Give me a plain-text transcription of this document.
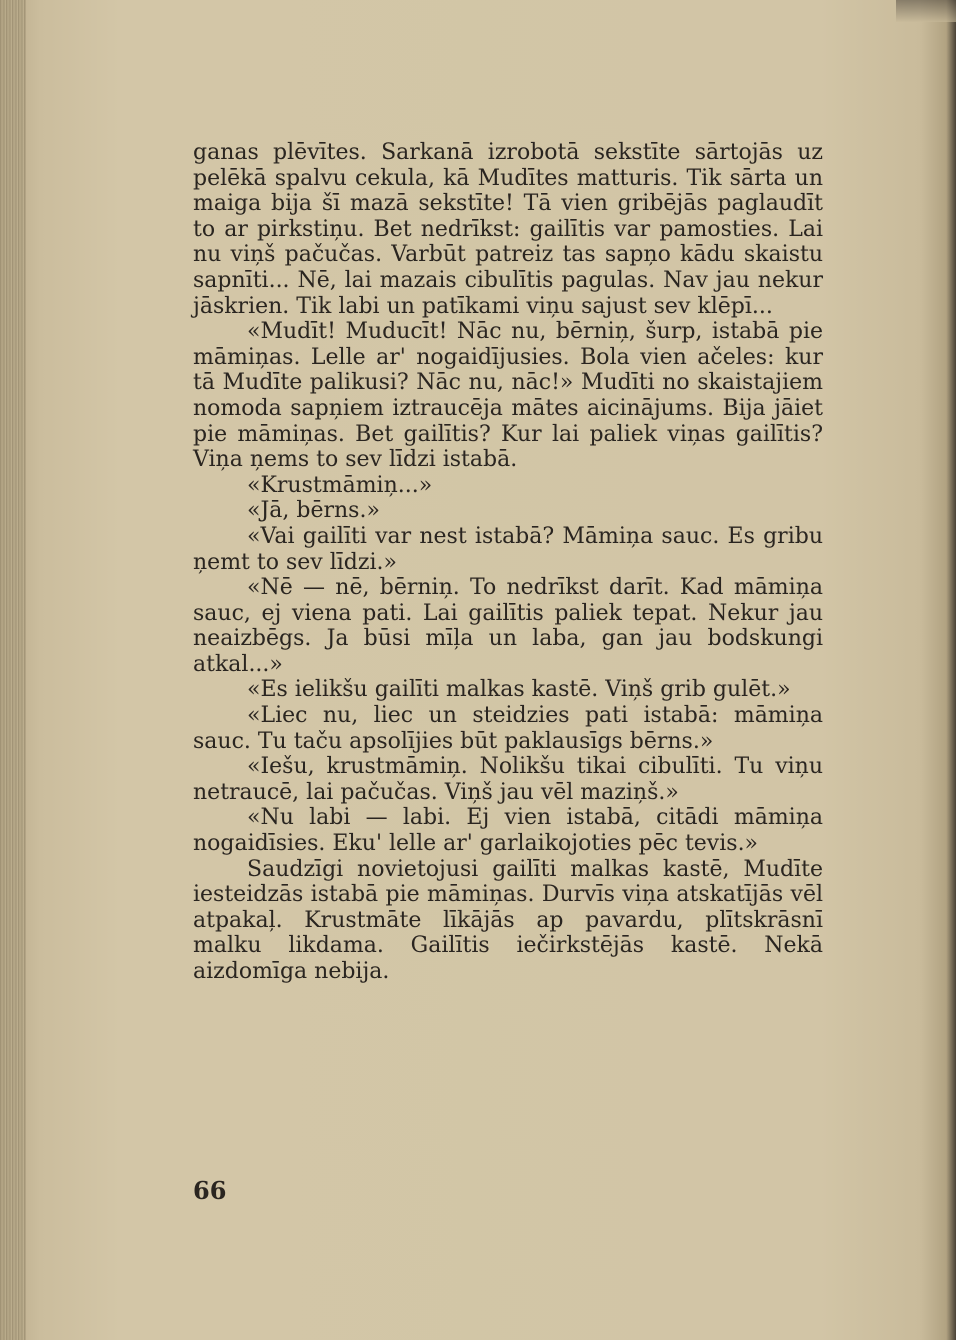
ganas plēvītes. Sarkanā izrobotā sekstīte sārtojās uz pelēkā spalvu cekula, kā Mudītes matturis. Tik sārta un maiga bija šī mazā sekstīte! Tā vien gribējās paglaudīt to ar pirkstiņu. Bet nedrīkst: gailītis var pamosties. Lai nu viņš pačučas. Varbūt patreiz tas sapņo kādu skaistu sapnīti... Nē, lai mazais cibulītis pagulas. Nav jau nekur jāskrien. Tik labi un patīkami viņu sajust sev klēpī...

«Mudīt! Muducīt! Nāc nu, bērniņ, šurp, istabā pie māmiņas. Lelle ar' nogaidījusies. Bola vien ačeles: kur tā Mudīte palikusi? Nāc nu, nāc!» Mudīti no skaistajiem nomoda sapņiem iztraucēja mātes aicinājums. Bija jāiet pie māmiņas. Bet gailītis? Kur lai paliek viņas gailītis? Viņa ņems to sev līdzi istabā.

«Krustmāmiņ...»

«Jā, bērns.»

«Vai gailīti var nest istabā? Māmiņa sauc. Es gribu ņemt to sev līdzi.»

«Nē — nē, bērniņ. To nedrīkst darīt. Kad māmiņa sauc, ej viena pati. Lai gailītis paliek tepat. Nekur jau neaizbēgs. Ja būsi mīļa un laba, gan jau bodskungi atkal...»

«Es ielikšu gailīti malkas kastē. Viņš grib gulēt.»

«Liec nu, liec un steidzies pati istabā: māmiņa sauc. Tu taču apsolījies būt paklausīgs bērns.»

«Iešu, krustmāmiņ. Nolikšu tikai cibulīti. Tu viņu netraucē, lai pačučas. Viņš jau vēl maziņš.»

«Nu labi — labi. Ej vien istabā, citādi māmiņa nogaidīsies. Eku' lelle ar' garlaikojoties pēc tevis.»

Saudzīgi novietojusi gailīti malkas kastē, Mudīte iesteidzās istabā pie māmiņas. Durvīs viņa atskatījās vēl atpakaļ. Krustmāte līkājās ap pavardu, plītskrāsnī malku likdama. Gailītis iečirkstējās kastē. Nekā aizdomīga nebija.

66
